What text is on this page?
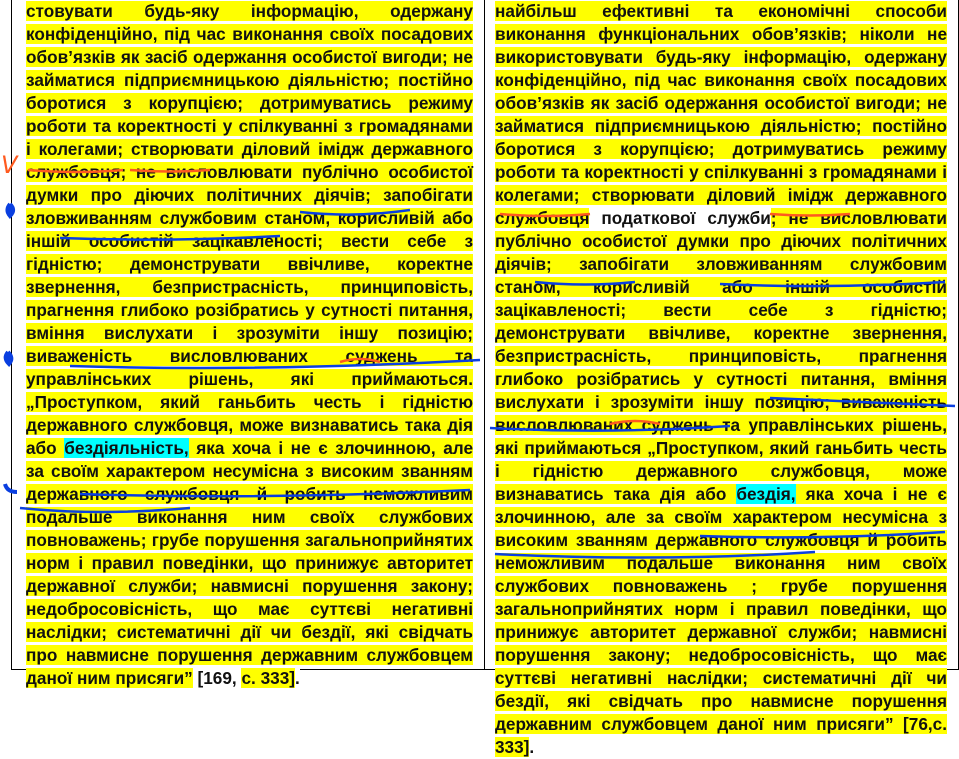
стовувати будь-яку інформацію, одержану конфіденційно, під час виконання своїх посадових обов’язків як засіб одержання особистої вигоди; не займатися підприємницькою діяльністю; постійно боротися з корупцією; дотримуватись режиму роботи та коректності у спілкуванні з громадянами і колегами; створювати діловий імідж державного службовця; не висловлювати публічно особистої думки про діючих політичних діячів; запобігати зловживанням службовим станом, корисливій або іншій особистій зацікавленості; вести себе з гідністю; демонструвати ввічливе, коректне звернення, безпристрасність, принциповість, прагнення глибоко розібратись у сутності питання, вміння вислухати і зрозуміти іншу позицію; виваженість висловлюваних суджень та управлінських рішень, які приймаються. „Проступком, який ганьбить честь і гідністю державного службовця, може визнаватись така дія або бездіяльність, яка хоча і не є злочинною, але за своїм характером несумісна з високим званням державного службовця й робить неможливим подальше виконання ним своїх службових повноважень; грубе порушення загальноприйнятих норм і правил поведінки, що принижує авторитет державної служби; навмисні порушення закону; недобросовісність, що має суттєві негативні наслідки; систематичні дії чи бездії, які свідчать про навмисне порушення державним службовцем даної ним присяги” [169, с. 333].

найбільш ефективні та економічні способи виконання функціональних обов’язків; ніколи не використовувати будь-яку інформацію, одержану конфіденційно, під час виконання своїх посадових обов’язків як засіб одержання особистої вигоди; не займатися підприємницькою діяльністю; постійно боротися з корупцією; дотримуватись режиму роботи та коректності у спілкуванні з громадянами і колегами; створювати діловий імідж державного службовця податкової служби; не висловлювати публічно особистої думки про діючих політичних діячів; запобігати зловживанням службовим станом, корисливій або іншій особистій зацікавленості; вести себе з гідністю; демонструвати ввічливе, коректне звернення, безпристрасність, принциповість, прагнення глибоко розібратись у сутності питання, вміння вислухати і зрозуміти іншу позицію; виваженість висловлюваних суджень та управлінських рішень, які приймаються „Проступком, який ганьбить честь і гідністю державного службовця, може визнаватись така дія або бездія, яка хоча і не є злочинною, але за своїм характером несумісна з високим званням державного службовця й робить неможливим подальше виконання ним своїх службових повноважень ; грубе порушення загальноприйнятих норм і правил поведінки, що принижує авторитет державної служби; навмисні порушення закону; недобросовісність, що має суттєві негативні наслідки; систематичні дії чи бездії, які свідчать про навмисне порушення державним службовцем даної ним присяги” [76,с. 333].

V
